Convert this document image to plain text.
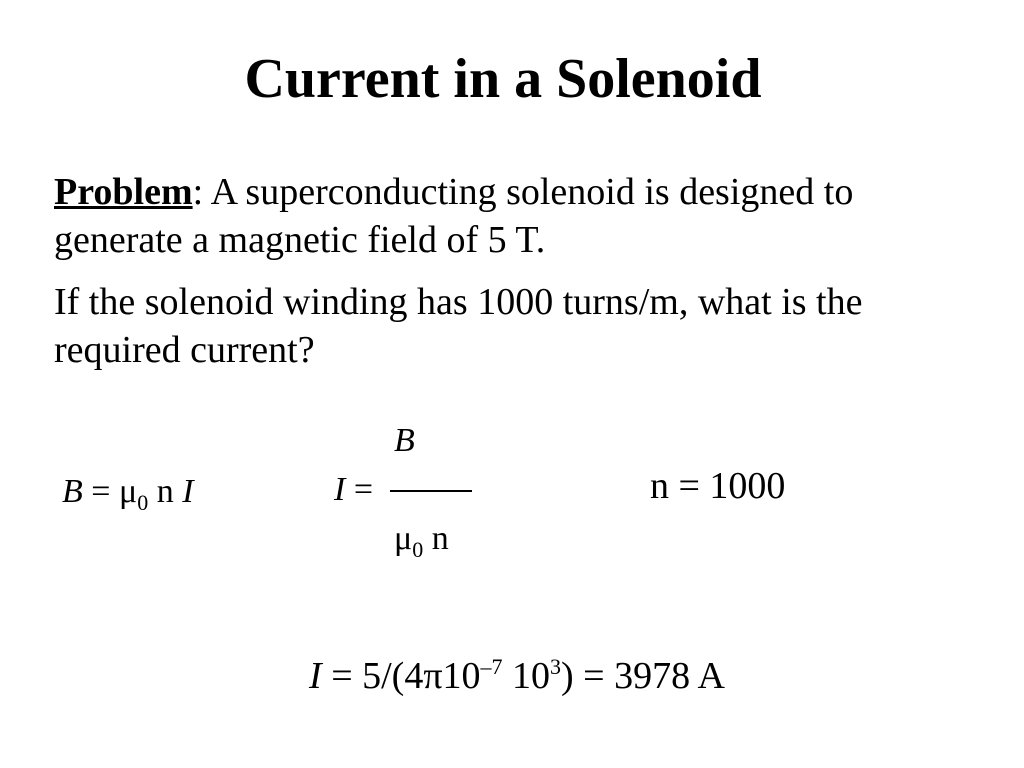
Current in a Solenoid
Problem: A superconducting solenoid is designed to generate a magnetic field of 5 T.
If the solenoid winding has 1000 turns/m, what is the required current?
$B = \mu_0$ n I	I =
B
$\mu_0$ n
n = 1000
$I = 5/(4\pi 10^{-7}$ $10^3) = 3978$ A
